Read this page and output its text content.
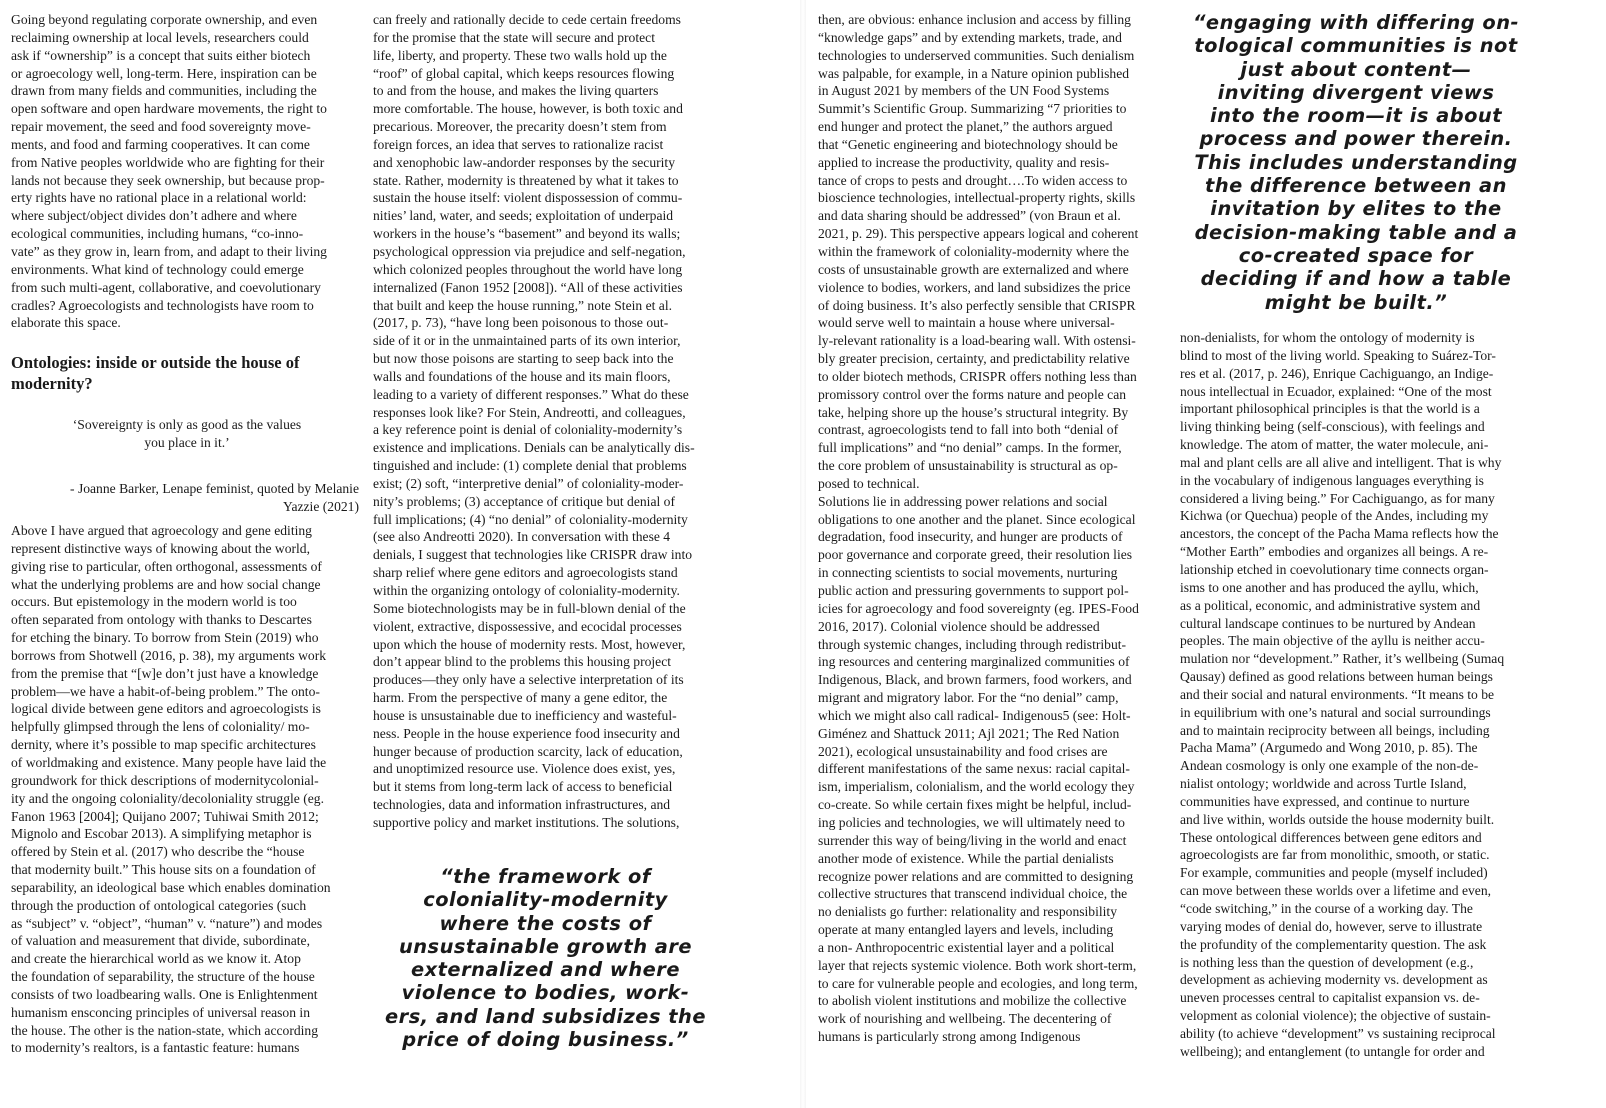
Going beyond regulating corporate ownership, and even
reclaiming ownership at local levels, researchers could
ask if “ownership” is a concept that suits either biotech
or agroecology well, long-term. Here, inspiration can be
drawn from many fields and communities, including the
open software and open hardware movements, the right to
repair movement, the seed and food sovereignty move-
ments, and food and farming cooperatives. It can come
from Native peoples worldwide who are fighting for their
lands not because they seek ownership, but because prop-
erty rights have no rational place in a relational world:
where subject/object divides don’t adhere and where
ecological communities, including humans, “co-inno-
vate” as they grow in, learn from, and adapt to their living
environments. What kind of technology could emerge
from such multi-agent, collaborative, and coevolutionary
cradles? Agroecologists and technologists have room to
elaborate this space.
Ontologies: inside or outside the house of
modernity?
‘Sovereignty is only as good as the values
you place in it.’
- Joanne Barker, Lenape feminist, quoted by Melanie
Yazzie (2021)
Above I have argued that agroecology and gene editing
represent distinctive ways of knowing about the world,
giving rise to particular, often orthogonal, assessments of
what the underlying problems are and how social change
occurs. But epistemology in the modern world is too
often separated from ontology with thanks to Descartes
for etching the binary. To borrow from Stein (2019) who
borrows from Shotwell (2016, p. 38), my arguments work
from the premise that “[w]e don’t just have a knowledge
problem—we have a habit-of-being problem.” The onto-
logical divide between gene editors and agroecologists is
helpfully glimpsed through the lens of coloniality/ mo-
dernity, where it’s possible to map specific architectures
of worldmaking and existence. Many people have laid the
groundwork for thick descriptions of modernitycolonial-
ity and the ongoing coloniality/decoloniality struggle (eg.
Fanon 1963 [2004]; Quijano 2007; Tuhiwai Smith 2012;
Mignolo and Escobar 2013). A simplifying metaphor is
offered by Stein et al. (2017) who describe the “house
that modernity built.” This house sits on a foundation of
separability, an ideological base which enables domination
through the production of ontological categories (such
as “subject” v. “object”, “human” v. “nature”) and modes
of valuation and measurement that divide, subordinate,
and create the hierarchical world as we know it. Atop
the foundation of separability, the structure of the house
consists of two loadbearing walls. One is Enlightenment
humanism ensconcing principles of universal reason in
the house. The other is the nation-state, which according
to modernity’s realtors, is a fantastic feature: humans
can freely and rationally decide to cede certain freedoms
for the promise that the state will secure and protect
life, liberty, and property. These two walls hold up the
“roof” of global capital, which keeps resources flowing
to and from the house, and makes the living quarters
more comfortable. The house, however, is both toxic and
precarious. Moreover, the precarity doesn’t stem from
foreign forces, an idea that serves to rationalize racist
and xenophobic law-andorder responses by the security
state. Rather, modernity is threatened by what it takes to
sustain the house itself: violent dispossession of commu-
nities’ land, water, and seeds; exploitation of underpaid
workers in the house’s “basement” and beyond its walls;
psychological oppression via prejudice and self-negation,
which colonized peoples throughout the world have long
internalized (Fanon 1952 [2008]). “All of these activities
that built and keep the house running,” note Stein et al.
(2017, p. 73), “have long been poisonous to those out-
side of it or in the unmaintained parts of its own interior,
but now those poisons are starting to seep back into the
walls and foundations of the house and its main floors,
leading to a variety of different responses.” What do these
responses look like? For Stein, Andreotti, and colleagues,
a key reference point is denial of coloniality-modernity’s
existence and implications. Denials can be analytically dis-
tinguished and include: (1) complete denial that problems
exist; (2) soft, “interpretive denial” of coloniality-moder-
nity’s problems; (3) acceptance of critique but denial of
full implications; (4) “no denial” of coloniality-modernity
(see also Andreotti 2020). In conversation with these 4
denials, I suggest that technologies like CRISPR draw into
sharp relief where gene editors and agroecologists stand
within the organizing ontology of coloniality-modernity.
Some biotechnologists may be in full-blown denial of the
violent, extractive, dispossessive, and ecocidal processes
upon which the house of modernity rests. Most, however,
don’t appear blind to the problems this housing project
produces—they only have a selective interpretation of its
harm. From the perspective of many a gene editor, the
house is unsustainable due to inefficiency and wasteful-
ness. People in the house experience food insecurity and
hunger because of production scarcity, lack of education,
and unoptimized resource use. Violence does exist, yes,
but it stems from long-term lack of access to beneficial
technologies, data and information infrastructures, and
supportive policy and market institutions. The solutions,
“the framework of
coloniality-modernity
where the costs of
unsustainable growth are
externalized and where
violence to bodies, work-
ers, and land subsidizes the
price of doing business.”
then, are obvious: enhance inclusion and access by filling
“knowledge gaps” and by extending markets, trade, and
technologies to underserved communities. Such denialism
was palpable, for example, in a Nature opinion published
in August 2021 by members of the UN Food Systems
Summit’s Scientific Group. Summarizing “7 priorities to
end hunger and protect the planet,” the authors argued
that “Genetic engineering and biotechnology should be
applied to increase the productivity, quality and resis-
tance of crops to pests and drought….To widen access to
bioscience technologies, intellectual-property rights, skills
and data sharing should be addressed” (von Braun et al.
2021, p. 29). This perspective appears logical and coherent
within the framework of coloniality-modernity where the
costs of unsustainable growth are externalized and where
violence to bodies, workers, and land subsidizes the price
of doing business. It’s also perfectly sensible that CRISPR
would serve well to maintain a house where universal-
ly-relevant rationality is a load-bearing wall. With ostensi-
bly greater precision, certainty, and predictability relative
to older biotech methods, CRISPR offers nothing less than
promissory control over the forms nature and people can
take, helping shore up the house’s structural integrity. By
contrast, agroecologists tend to fall into both “denial of
full implications” and “no denial” camps. In the former,
the core problem of unsustainability is structural as op-
posed to technical.
Solutions lie in addressing power relations and social
obligations to one another and the planet. Since ecological
degradation, food insecurity, and hunger are products of
poor governance and corporate greed, their resolution lies
in connecting scientists to social movements, nurturing
public action and pressuring governments to support pol-
icies for agroecology and food sovereignty (eg. IPES-Food
2016, 2017). Colonial violence should be addressed
through systemic changes, including through redistribut-
ing resources and centering marginalized communities of
Indigenous, Black, and brown farmers, food workers, and
migrant and migratory labor. For the “no denial” camp,
which we might also call radical- Indigenous5 (see: Holt-
Giménez and Shattuck 2011; Ajl 2021; The Red Nation
2021), ecological unsustainability and food crises are
different manifestations of the same nexus: racial capital-
ism, imperialism, colonialism, and the world ecology they
co-create. So while certain fixes might be helpful, includ-
ing policies and technologies, we will ultimately need to
surrender this way of being/living in the world and enact
another mode of existence. While the partial denialists
recognize power relations and are committed to designing
collective structures that transcend individual choice, the
no denialists go further: relationality and responsibility
operate at many entangled layers and levels, including
a non- Anthropocentric existential layer and a political
layer that rejects systemic violence. Both work short-term,
to care for vulnerable people and ecologies, and long term,
to abolish violent institutions and mobilize the collective
work of nourishing and wellbeing. The decentering of
humans is particularly strong among Indigenous
“engaging with differing on-
tological communities is not
just about content—
inviting divergent views
into the room—it is about
process and power therein.
This includes understanding
the difference between an
invitation by elites to the
decision-making table and a
co-created space for
deciding if and how a table
might be built.”
non-denialists, for whom the ontology of modernity is
blind to most of the living world. Speaking to Suárez-Tor-
res et al. (2017, p. 246), Enrique Cachiguango, an Indige-
nous intellectual in Ecuador, explained: “One of the most
important philosophical principles is that the world is a
living thinking being (self-conscious), with feelings and
knowledge. The atom of matter, the water molecule, ani-
mal and plant cells are all alive and intelligent. That is why
in the vocabulary of indigenous languages everything is
considered a living being.” For Cachiguango, as for many
Kichwa (or Quechua) people of the Andes, including my
ancestors, the concept of the Pacha Mama reflects how the
“Mother Earth” embodies and organizes all beings. A re-
lationship etched in coevolutionary time connects organ-
isms to one another and has produced the ayllu, which,
as a political, economic, and administrative system and
cultural landscape continues to be nurtured by Andean
peoples. The main objective of the ayllu is neither accu-
mulation nor “development.” Rather, it’s wellbeing (Sumaq
Qausay) defined as good relations between human beings
and their social and natural environments. “It means to be
in equilibrium with one’s natural and social surroundings
and to maintain reciprocity between all beings, including
Pacha Mama” (Argumedo and Wong 2010, p. 85). The
Andean cosmology is only one example of the non-de-
nialist ontology; worldwide and across Turtle Island,
communities have expressed, and continue to nurture
and live within, worlds outside the house modernity built.
These ontological differences between gene editors and
agroecologists are far from monolithic, smooth, or static.
For example, communities and people (myself included)
can move between these worlds over a lifetime and even,
“code switching,” in the course of a working day. The
varying modes of denial do, however, serve to illustrate
the profundity of the complementarity question. The ask
is nothing less than the question of development (e.g.,
development as achieving modernity vs. development as
uneven processes central to capitalist expansion vs. de-
velopment as colonial violence); the objective of sustain-
ability (to achieve “development” vs sustaining reciprocal
wellbeing); and entanglement (to untangle for order and
